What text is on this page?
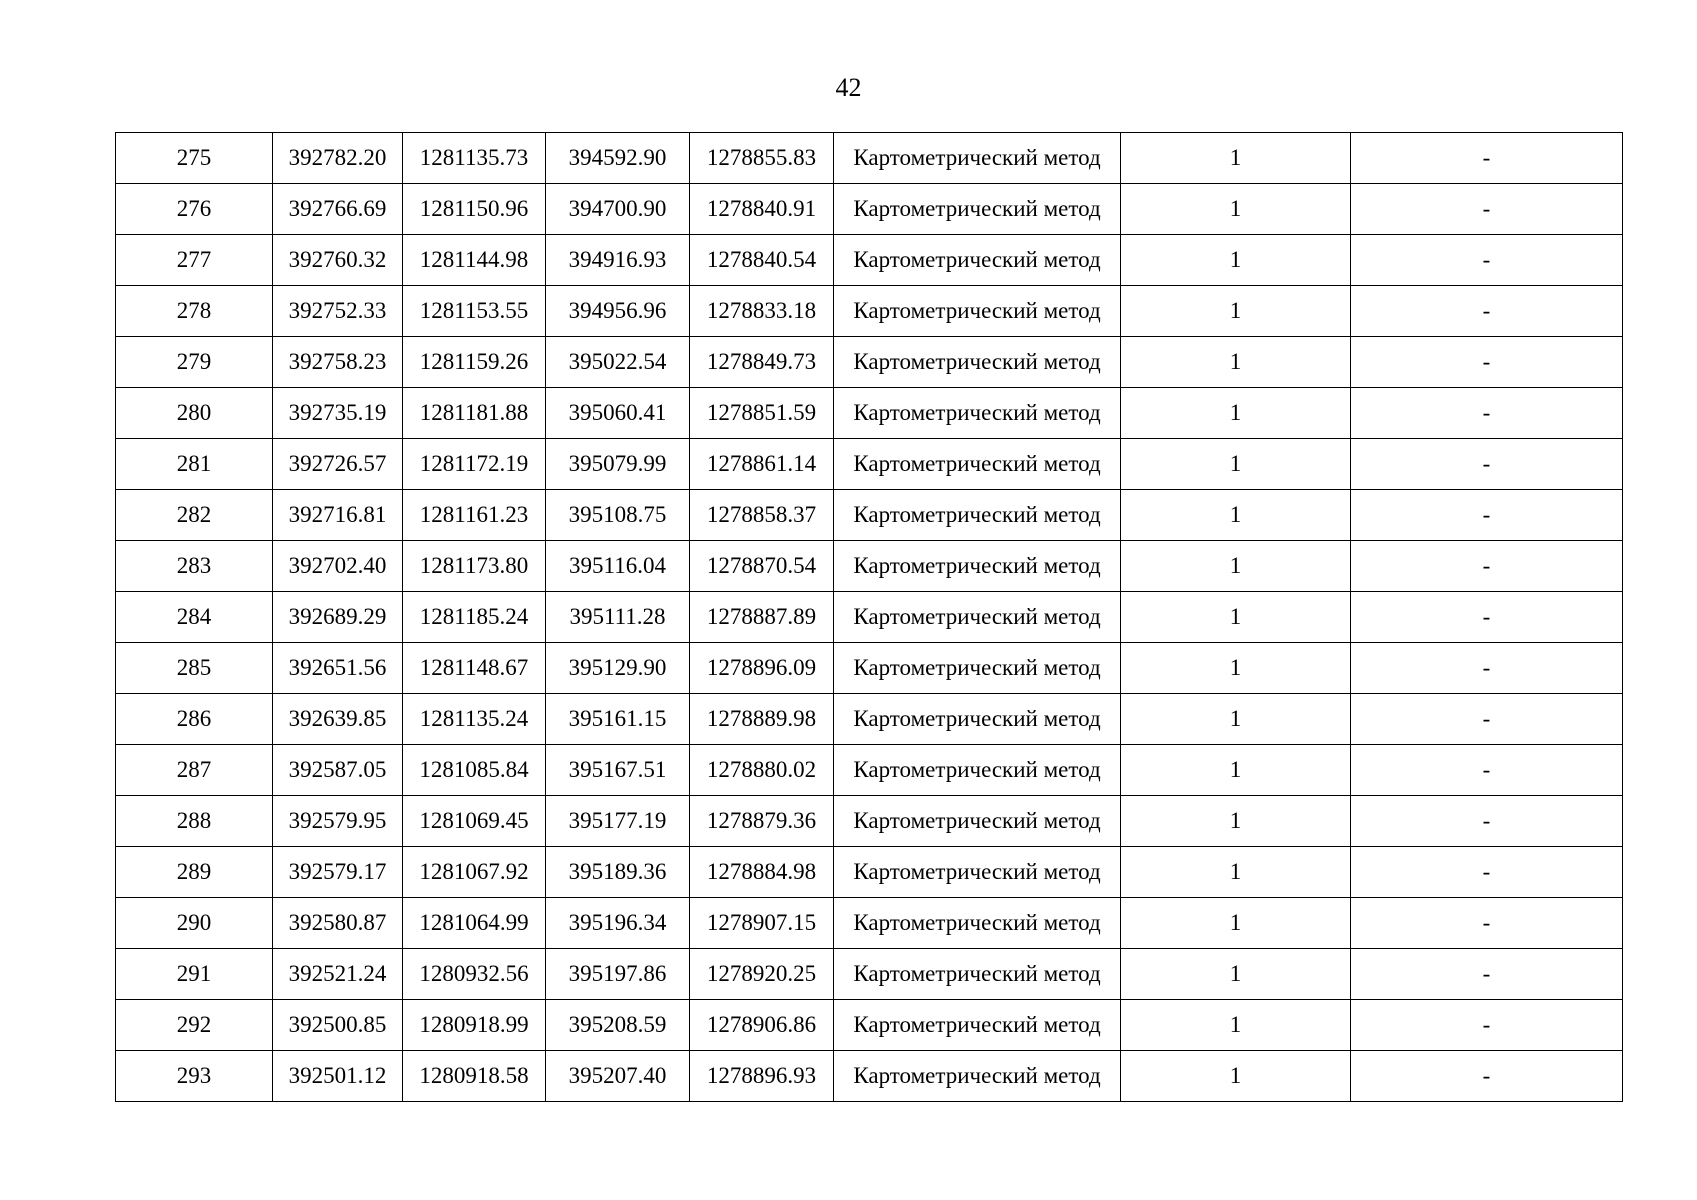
42
275	392782.20	1281135.73	394592.90	1278855.83	Картометрический метод	1	-
276	392766.69	1281150.96	394700.90	1278840.91	Картометрический метод	1	-
277	392760.32	1281144.98	394916.93	1278840.54	Картометрический метод	1	-
278	392752.33	1281153.55	394956.96	1278833.18	Картометрический метод	1	-
279	392758.23	1281159.26	395022.54	1278849.73	Картометрический метод	1	-
280	392735.19	1281181.88	395060.41	1278851.59	Картометрический метод	1	-
281	392726.57	1281172.19	395079.99	1278861.14	Картометрический метод	1	-
282	392716.81	1281161.23	395108.75	1278858.37	Картометрический метод	1	-
283	392702.40	1281173.80	395116.04	1278870.54	Картометрический метод	1	-
284	392689.29	1281185.24	395111.28	1278887.89	Картометрический метод	1	-
285	392651.56	1281148.67	395129.90	1278896.09	Картометрический метод	1	-
286	392639.85	1281135.24	395161.15	1278889.98	Картометрический метод	1	-
287	392587.05	1281085.84	395167.51	1278880.02	Картометрический метод	1	-
288	392579.95	1281069.45	395177.19	1278879.36	Картометрический метод	1	-
289	392579.17	1281067.92	395189.36	1278884.98	Картометрический метод	1	-
290	392580.87	1281064.99	395196.34	1278907.15	Картометрический метод	1	-
291	392521.24	1280932.56	395197.86	1278920.25	Картометрический метод	1	-
292	392500.85	1280918.99	395208.59	1278906.86	Картометрический метод	1	-
293	392501.12	1280918.58	395207.40	1278896.93	Картометрический метод	1	-
